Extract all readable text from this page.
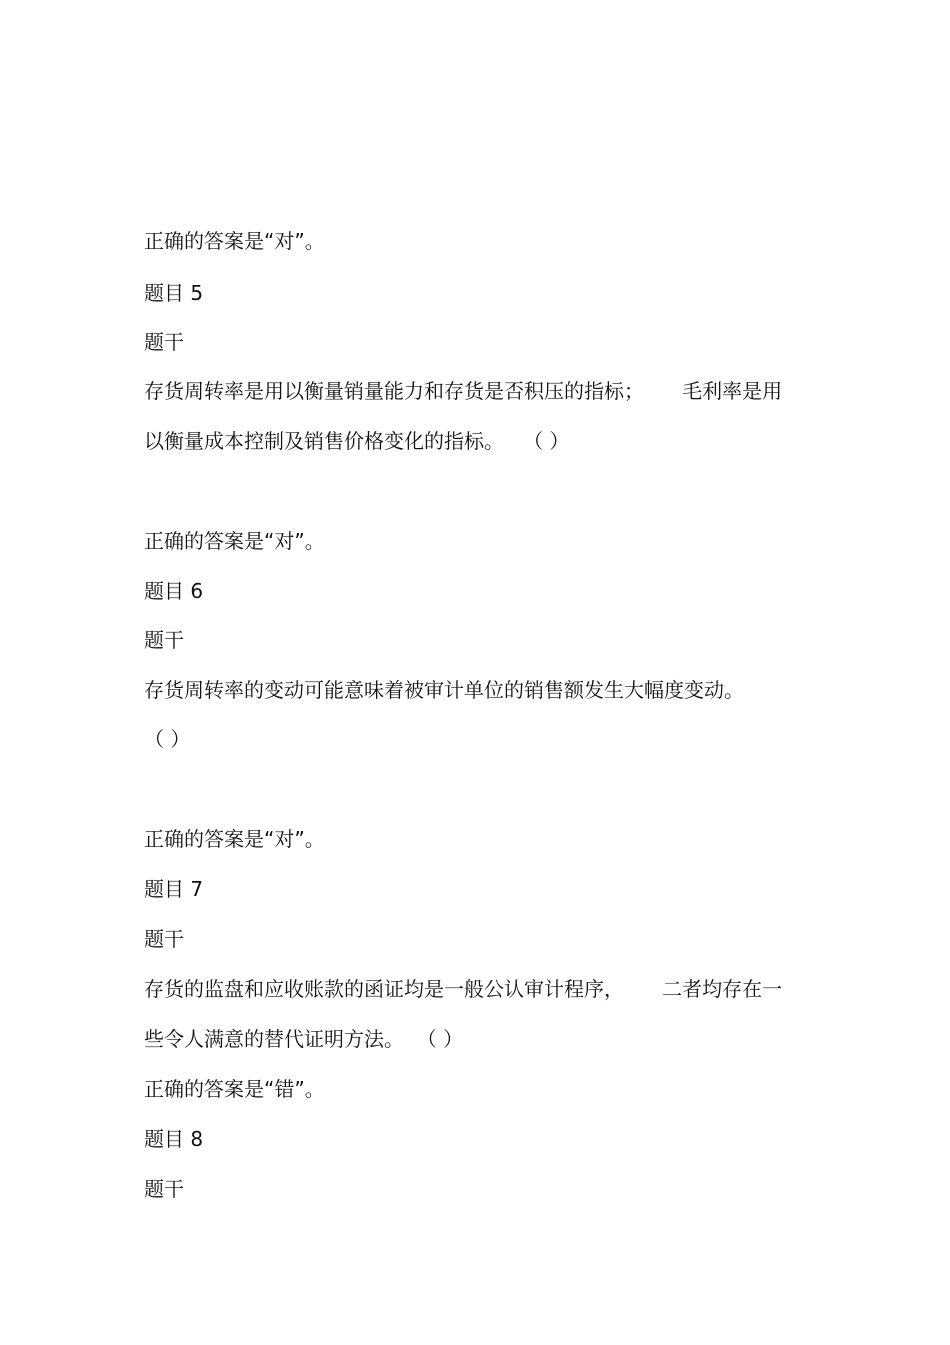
正确的答案是“对”。
题目 5
题干
存货周转率是用以衡量销量能力和存货是否积压的指标；      毛利率是用
以衡量成本控制及销售价格变化的指标。   （ ）
正确的答案是“对”。
题目 6
题干
存货周转率的变动可能意味着被审计单位的销售额发生大幅度变动。
（ ）
正确的答案是“对”。
题目 7
题干
存货的监盘和应收账款的函证均是一般公认审计程序，      二者均存在一
些令人满意的替代证明方法。  （ ）
正确的答案是“错”。
题目 8
题干
